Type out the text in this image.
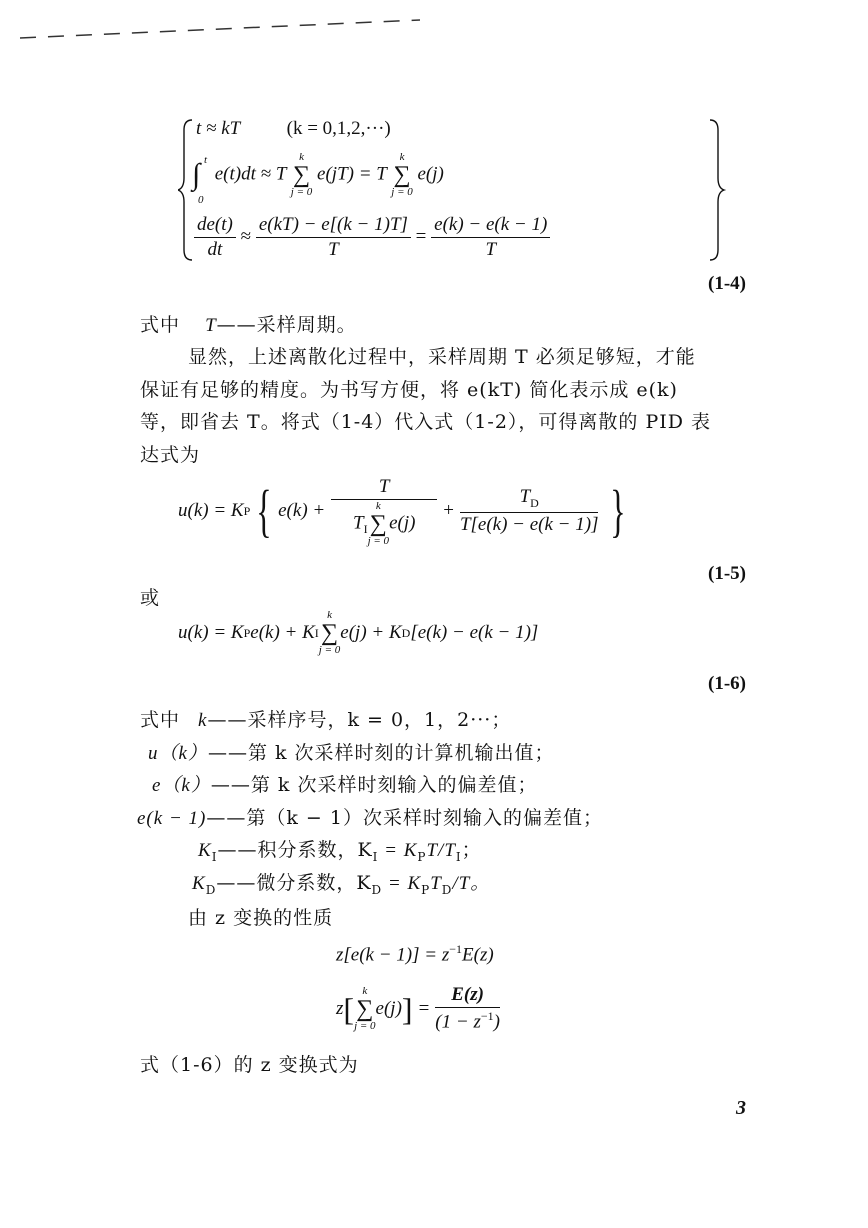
t ≈ kT (k = 0,1,2,···)
∫ t
0
e(t)dt ≈ T
k
∑
j = 0
e(jT) = T
k
∑
j = 0
e(j)
$\frac{de(t)}{dt} \approx \frac{e(kT) - e[(k - 1)T]}{T} = \frac{e(k) - e(k - 1)}{T}$
(1-4)
式中 T——采样周期。
显然，上述离散化过程中，采样周期 T 必须足够短，才能
保证有足够的精度。为书写方便，将 e(kT) 简化表示成 e(k)
等，即省去 T。将式（1-4）代入式（1-2），可得离散的 PID 表
达式为
u(k) = K P { e(k) + T
$T_I$
k
∑
j = 0
$e(j) + \frac{T_D}{T[e(k) - e(k - 1)]}$ }
(1-5)
或
u(k) = K P e(k) + K I
k
∑
j = 0
e(j) + K D [e(k) − e(k − 1)]
(1-6)
式中 k——采样序号，k = 0，1，2···；
u（k）——第 k 次采样时刻的计算机输出值；
e（k）——第 k 次采样时刻输入的偏差值；
e(k − 1)——第（k − 1）次采样时刻输入的偏差值；
$K_I——$积分系数，$K_I = K_PT/T_I$；
$K_D——$微分系数，$K_D = K_PT_D/T$。
由 z 变换的性质
$z[e(k - 1)] = z^{-1}E(z)$
z [ k
∑
j = 0
e(j) ] = $\frac{E(z)}{(1 - z^{-1})}$
式（1-6）的 z 变换式为
3
